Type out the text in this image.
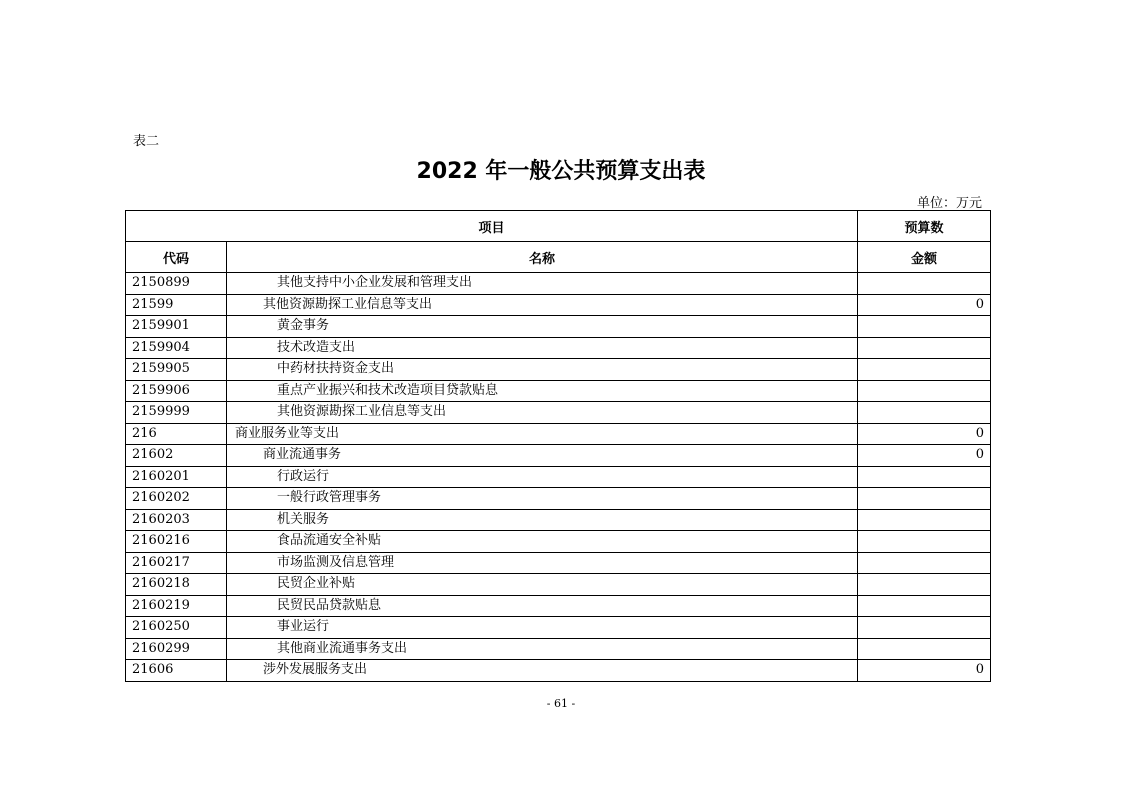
表二
2022 年一般公共预算支出表
单位：万元
项目		预算数
代码	名称	金额
2150899	其他支持中小企业发展和管理支出	
21599	其他资源勘探工业信息等支出	0
2159901	黄金事务	
2159904	技术改造支出	
2159905	中药材扶持资金支出	
2159906	重点产业振兴和技术改造项目贷款贴息	
2159999	其他资源勘探工业信息等支出	
216	商业服务业等支出	0
21602	商业流通事务	0
2160201	行政运行	
2160202	一般行政管理事务	
2160203	机关服务	
2160216	食品流通安全补贴	
2160217	市场监测及信息管理	
2160218	民贸企业补贴	
2160219	民贸民品贷款贴息	
2160250	事业运行	
2160299	其他商业流通事务支出	
21606	涉外发展服务支出	0
- 61 -
